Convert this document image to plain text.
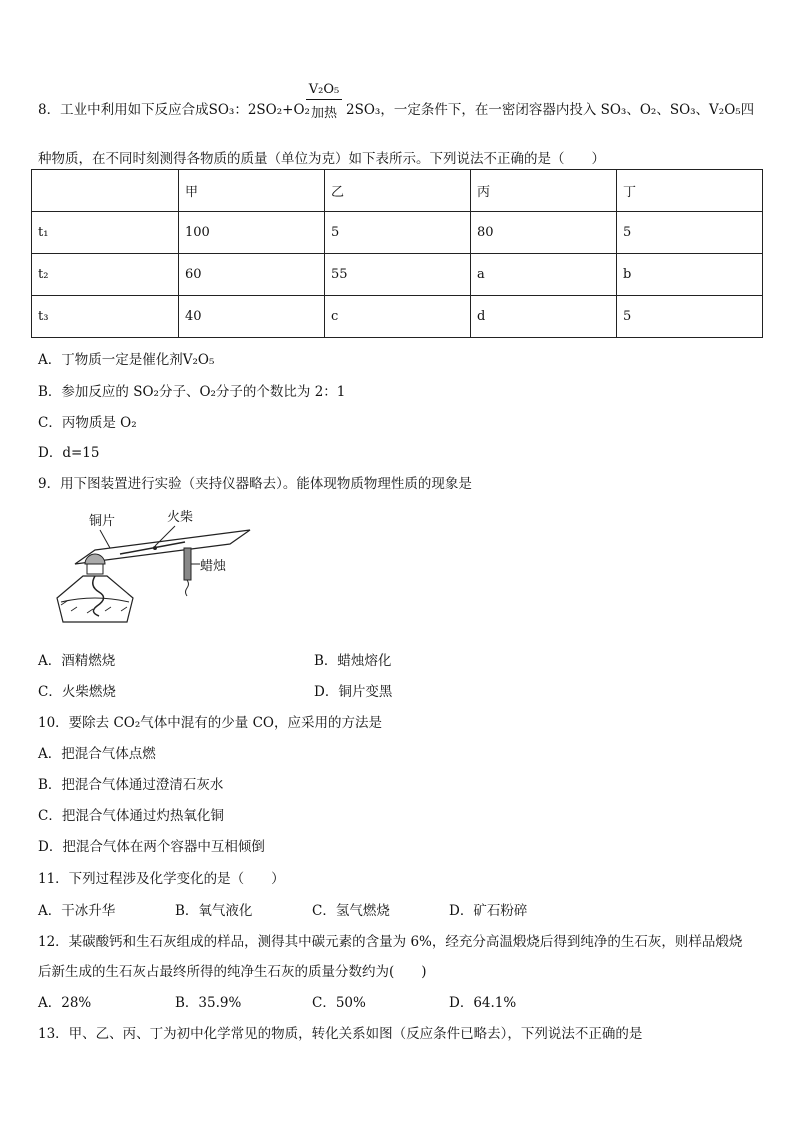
8．工业中利用如下反应合成SO₃：2SO₂+O₂
V₂O₅
加热 2SO₃，一定条件下，在一密闭容器内投入 SO₃、O₂、SO₃、V₂O₅四
种物质，在不同时刻测得各物质的质量（单位为克）如下表所示。下列说法不正确的是（　　）
	甲	乙	丙	丁
t₁	100	5	80	5
t₂	60	55	a	b
t₃	40	c	d	5
A．丁物质一定是催化剂V₂O₅
B．参加反应的 SO₂分子、O₂分子的个数比为 2：1
C．丙物质是 O₂
D．d=15
9．用下图装置进行实验（夹持仪器略去）。能体现物质物理性质的现象是
铜片	火柴
蜡烛
A．酒精燃烧	B．蜡烛熔化
C．火柴燃烧	D．铜片变黑
10．要除去 CO₂气体中混有的少量 CO，应采用的方法是
A．把混合气体点燃
B．把混合气体通过澄清石灰水
C．把混合气体通过灼热氧化铜
D．把混合气体在两个容器中互相倾倒
11．下列过程涉及化学变化的是（　　）
A．干冰升华	B．氧气液化	C．氢气燃烧	D．矿石粉碎
12．某碳酸钙和生石灰组成的样品，测得其中碳元素的含量为 6%，经充分高温煅烧后得到纯净的生石灰，则样品煅烧
后新生成的生石灰占最终所得的纯净生石灰的质量分数约为(　　)
A．28%	B．35.9%	C．50%	D．64.1%
13．甲、乙、丙、丁为初中化学常见的物质，转化关系如图（反应条件已略去），下列说法不正确的是
